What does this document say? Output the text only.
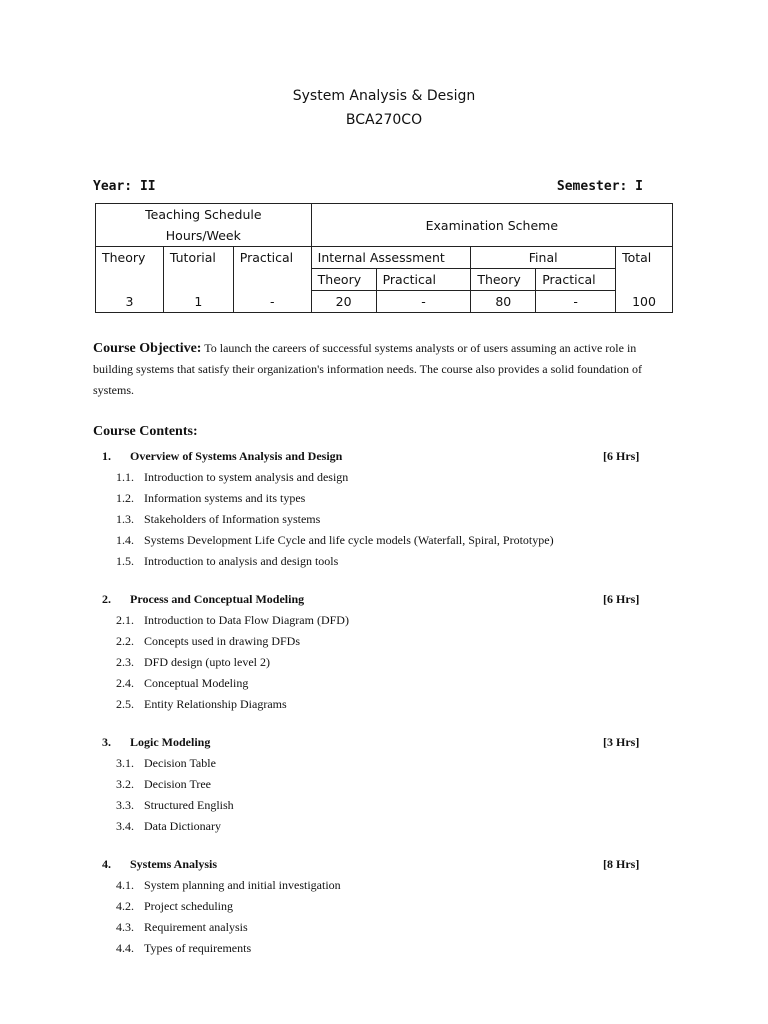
System Analysis & Design
BCA270CO
Year: II	Semester: I
Teaching Schedule			Examination Scheme				
Hours/Week							
Theory	Tutorial	Practical	Internal Assessment		Final		Total
			Theory	Practical	Theory	Practical	
3	1	-	20	-	80	-	100
Course Objective: To launch the careers of successful systems analysts or of users assuming an active role in building systems that satisfy their organization's information needs. The course also provides a solid foundation of systems.
Course Contents:
1. Overview of Systems Analysis and Design	[6 Hrs]
1.1. Introduction to system analysis and design
1.2. Information systems and its types
1.3. Stakeholders of Information systems
1.4. Systems Development Life Cycle and life cycle models (Waterfall, Spiral, Prototype)
1.5. Introduction to analysis and design tools
2. Process and Conceptual Modeling	[6 Hrs]
2.1. Introduction to Data Flow Diagram (DFD)
2.2. Concepts used in drawing DFDs
2.3. DFD design (upto level 2)
2.4. Conceptual Modeling
2.5. Entity Relationship Diagrams
3. Logic Modeling	[3 Hrs]
3.1. Decision Table
3.2. Decision Tree
3.3. Structured English
3.4. Data Dictionary
4. Systems Analysis	[8 Hrs]
4.1. System planning and initial investigation
4.2. Project scheduling
4.3. Requirement analysis
4.4. Types of requirements
